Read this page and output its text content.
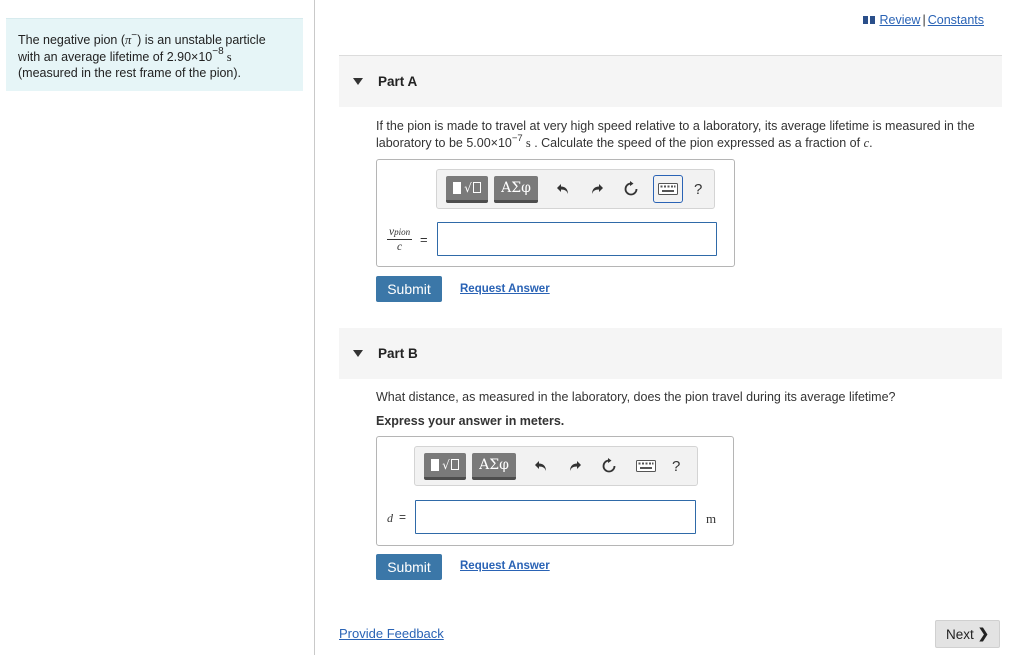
The negative pion (π−) is an unstable particle
with an average lifetime of $2.90\times 10^{-8}$ s
(measured in the rest frame of the pion).
Review | Constants
Part A
If the pion is made to travel at very high speed relative to a laboratory, its average lifetime is measured in the
laboratory to be $5.00\times 10^{-7}$ s . Calculate the speed of the pion expressed as a fraction of c.
√	ΑΣφ	?
vpion
c	=
Submit	Request Answer
Part B
What distance, as measured in the laboratory, does the pion travel during its average lifetime?
Express your answer in meters.
√	ΑΣφ	?
d =	m
Submit	Request Answer
Provide Feedback	Next ❯
